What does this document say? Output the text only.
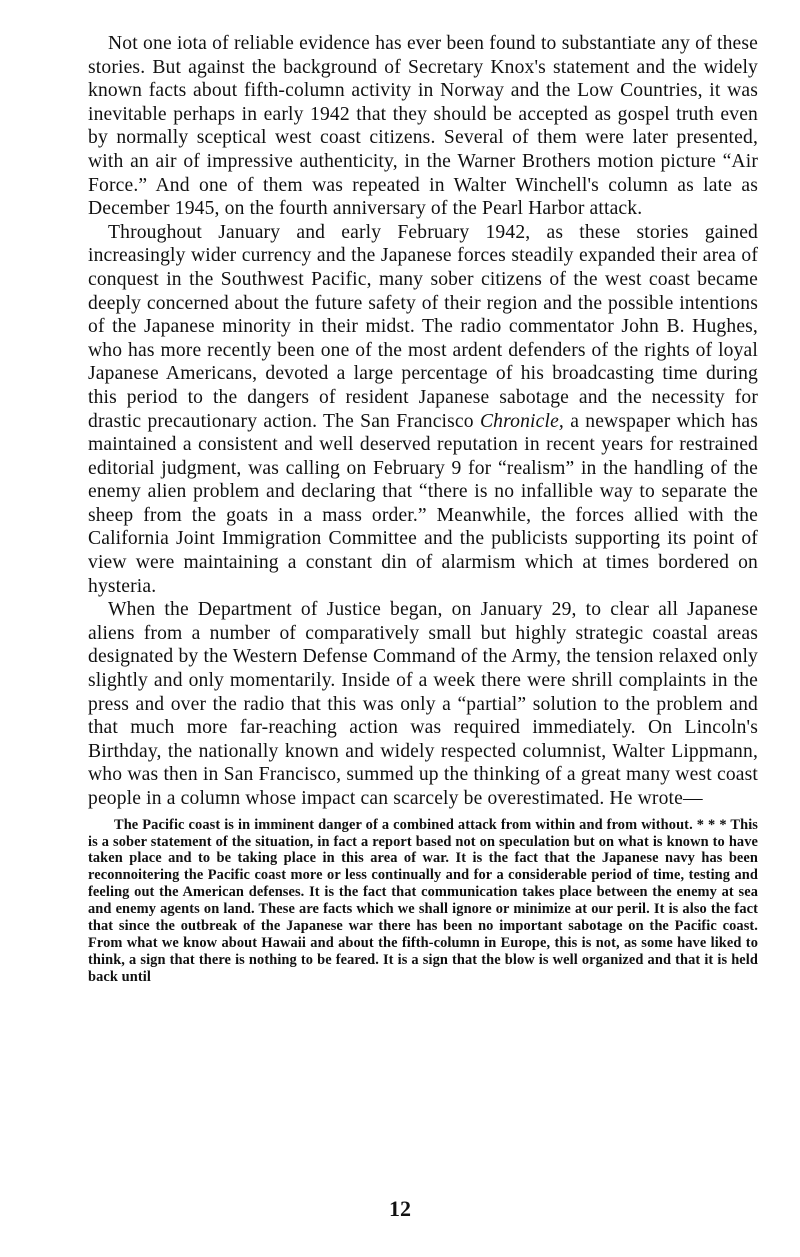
Not one iota of reliable evidence has ever been found to substantiate any of these stories. But against the background of Secretary Knox's statement and the widely known facts about fifth-column activity in Norway and the Low Countries, it was inevitable perhaps in early 1942 that they should be accepted as gospel truth even by normally sceptical west coast citizens. Several of them were later presented, with an air of impressive authenticity, in the Warner Brothers motion picture “Air Force.” And one of them was repeated in Walter Winchell's column as late as December 1945, on the fourth anniversary of the Pearl Harbor attack.

Throughout January and early February 1942, as these stories gained increasingly wider currency and the Japanese forces steadily expanded their area of conquest in the Southwest Pacific, many sober citizens of the west coast became deeply concerned about the future safety of their region and the possible intentions of the Japanese minority in their midst. The radio commentator John B. Hughes, who has more recently been one of the most ardent defenders of the rights of loyal Japanese Americans, devoted a large percentage of his broadcasting time during this period to the dangers of resident Japanese sabotage and the necessity for drastic precautionary action. The San Francisco Chronicle, a newspaper which has maintained a consistent and well deserved reputation in recent years for restrained editorial judgment, was calling on February 9 for “realism” in the handling of the enemy alien problem and declaring that “there is no infallible way to separate the sheep from the goats in a mass order.” Meanwhile, the forces allied with the California Joint Immigration Committee and the publicists supporting its point of view were maintaining a constant din of alarmism which at times bordered on hysteria.

When the Department of Justice began, on January 29, to clear all Japanese aliens from a number of comparatively small but highly strategic coastal areas designated by the Western Defense Command of the Army, the tension relaxed only slightly and only momentarily. Inside of a week there were shrill complaints in the press and over the radio that this was only a “partial” solution to the problem and that much more far-reaching action was required immediately. On Lincoln's Birthday, the nationally known and widely respected columnist, Walter Lippmann, who was then in San Francisco, summed up the thinking of a great many west coast people in a column whose impact can scarcely be overestimated. He wrote—

The Pacific coast is in imminent danger of a combined attack from within and from without. * * * This is a sober statement of the situation, in fact a report based not on speculation but on what is known to have taken place and to be taking place in this area of war. It is the fact that the Japanese navy has been reconnoitering the Pacific coast more or less continually and for a considerable period of time, testing and feeling out the American defenses. It is the fact that communication takes place between the enemy at sea and enemy agents on land. These are facts which we shall ignore or minimize at our peril. It is also the fact that since the outbreak of the Japanese war there has been no important sabotage on the Pacific coast. From what we know about Hawaii and about the fifth-column in Europe, this is not, as some have liked to think, a sign that there is nothing to be feared. It is a sign that the blow is well organized and that it is held back until

12
